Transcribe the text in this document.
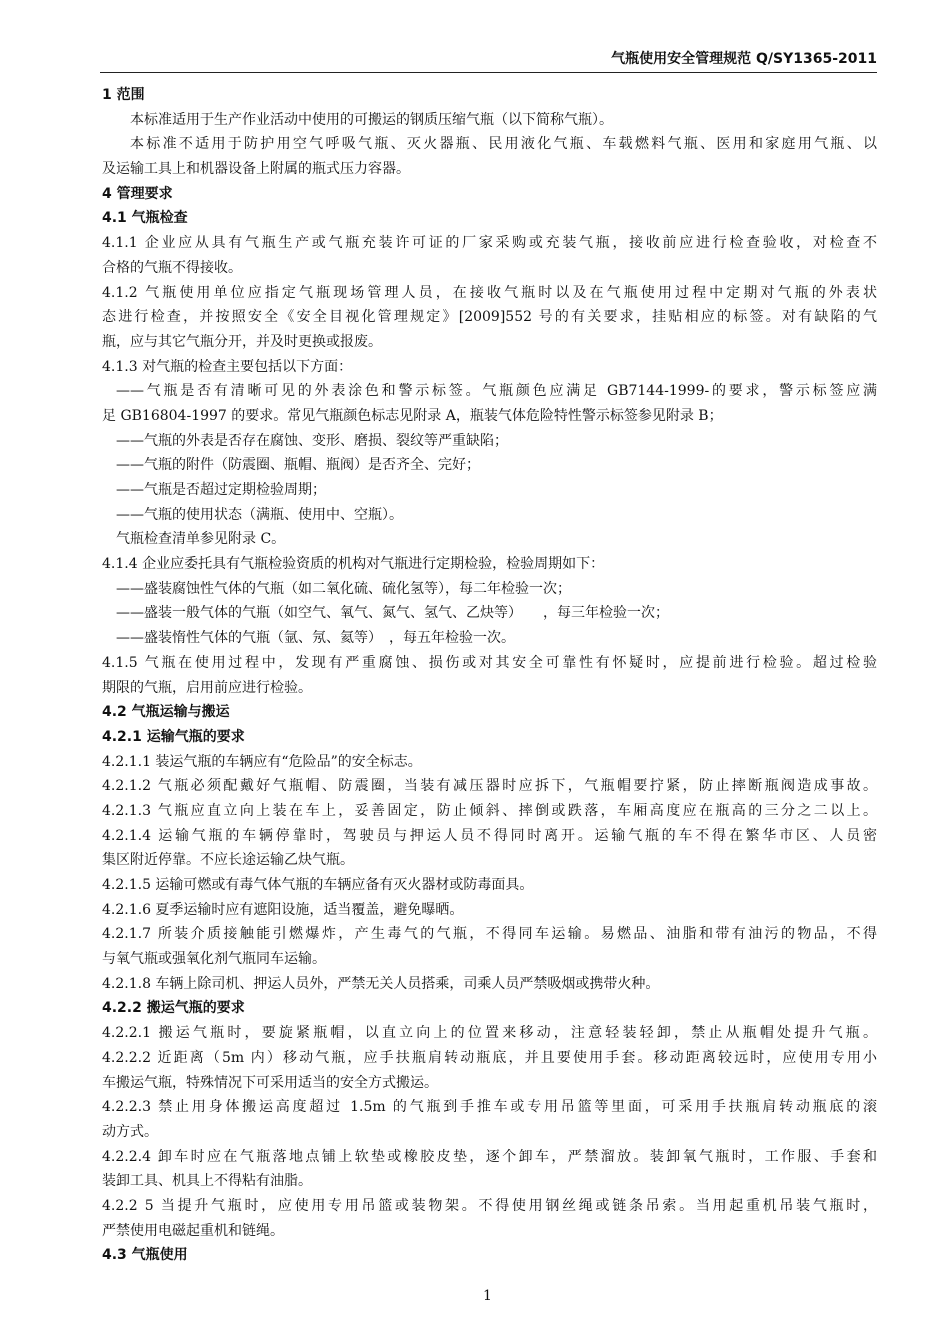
气瓶使用安全管理规范 Q/SY1365-2011
1 范围
本标准适用于生产作业活动中使用的可搬运的钢质压缩气瓶（以下简称气瓶）。
本标准不适用于防护用空气呼吸气瓶、灭火器瓶、民用液化气瓶、车载燃料气瓶、医用和家庭用气瓶、以
及运输工具上和机器设备上附属的瓶式压力容器。
4 管理要求
4.1 气瓶检查
4.1.1 企业应从具有气瓶生产或气瓶充装许可证的厂家采购或充装气瓶，接收前应进行检查验收，对检查不
合格的气瓶不得接收。
4.1.2 气瓶使用单位应指定气瓶现场管理人员，在接收气瓶时以及在气瓶使用过程中定期对气瓶的外表状
态进行检查，并按照安全《安全目视化管理规定》[2009]552 号的有关要求，挂贴相应的标签。对有缺陷的气
瓶，应与其它气瓶分开，并及时更换或报废。
4.1.3 对气瓶的检查主要包括以下方面：
——气瓶是否有清晰可见的外表涂色和警示标签。气瓶颜色应满足 GB7144-1999-的要求，警示标签应满
足 GB16804-1997 的要求。常见气瓶颜色标志见附录 A，瓶装气体危险特性警示标签参见附录 B；
——气瓶的外表是否存在腐蚀、变形、磨损、裂纹等严重缺陷；
——气瓶的附件（防震圈、瓶帽、瓶阀）是否齐全、完好；
——气瓶是否超过定期检验周期；
——气瓶的使用状态（满瓶、使用中、空瓶）。
气瓶检查清单参见附录 C。
4.1.4 企业应委托具有气瓶检验资质的机构对气瓶进行定期检验，检验周期如下：
——盛装腐蚀性气体的气瓶（如二氧化硫、硫化氢等），每二年检验一次；
——盛装一般气体的气瓶（如空气、氧气、氮气、氢气、乙炔等）　　，每三年检验一次；
——盛装惰性气体的气瓶（氩、氖、氦等）　，每五年检验一次。
4.1.5 气瓶在使用过程中，发现有严重腐蚀、损伤或对其安全可靠性有怀疑时，应提前进行检验。超过检验
期限的气瓶，启用前应进行检验。
4.2 气瓶运输与搬运
4.2.1 运输气瓶的要求
4.2.1.1 装运气瓶的车辆应有“危险品”的安全标志。
4.2.1.2 气瓶必须配戴好气瓶帽、防震圈，当装有减压器时应拆下，气瓶帽要拧紧，防止摔断瓶阀造成事故。
4.2.1.3 气瓶应直立向上装在车上，妥善固定，防止倾斜、摔倒或跌落，车厢高度应在瓶高的三分之二以上。
4.2.1.4 运输气瓶的车辆停靠时，驾驶员与押运人员不得同时离开。运输气瓶的车不得在繁华市区、人员密
集区附近停靠。不应长途运输乙炔气瓶。
4.2.1.5 运输可燃或有毒气体气瓶的车辆应备有灭火器材或防毒面具。
4.2.1.6 夏季运输时应有遮阳设施，适当覆盖，避免曝晒。
4.2.1.7 所装介质接触能引燃爆炸，产生毒气的气瓶，不得同车运输。易燃品、油脂和带有油污的物品，不得
与氧气瓶或强氧化剂气瓶同车运输。
4.2.1.8 车辆上除司机、押运人员外，严禁无关人员搭乘，司乘人员严禁吸烟或携带火种。
4.2.2 搬运气瓶的要求
4.2.2.1 搬运气瓶时，要旋紧瓶帽，以直立向上的位置来移动，注意轻装轻卸，禁止从瓶帽处提升气瓶。
4.2.2.2 近距离（5m 内）移动气瓶，应手扶瓶肩转动瓶底，并且要使用手套。移动距离较远时，应使用专用小
车搬运气瓶，特殊情况下可采用适当的安全方式搬运。
4.2.2.3 禁止用身体搬运高度超过 1.5m 的气瓶到手推车或专用吊篮等里面，可采用手扶瓶肩转动瓶底的滚
动方式。
4.2.2.4 卸车时应在气瓶落地点铺上软垫或橡胶皮垫，逐个卸车，严禁溜放。装卸氧气瓶时，工作服、手套和
装卸工具、机具上不得粘有油脂。
4.2.2 5 当提升气瓶时，应使用专用吊篮或装物架。不得使用钢丝绳或链条吊索。当用起重机吊装气瓶时，
严禁使用电磁起重机和链绳。
4.3 气瓶使用
1
